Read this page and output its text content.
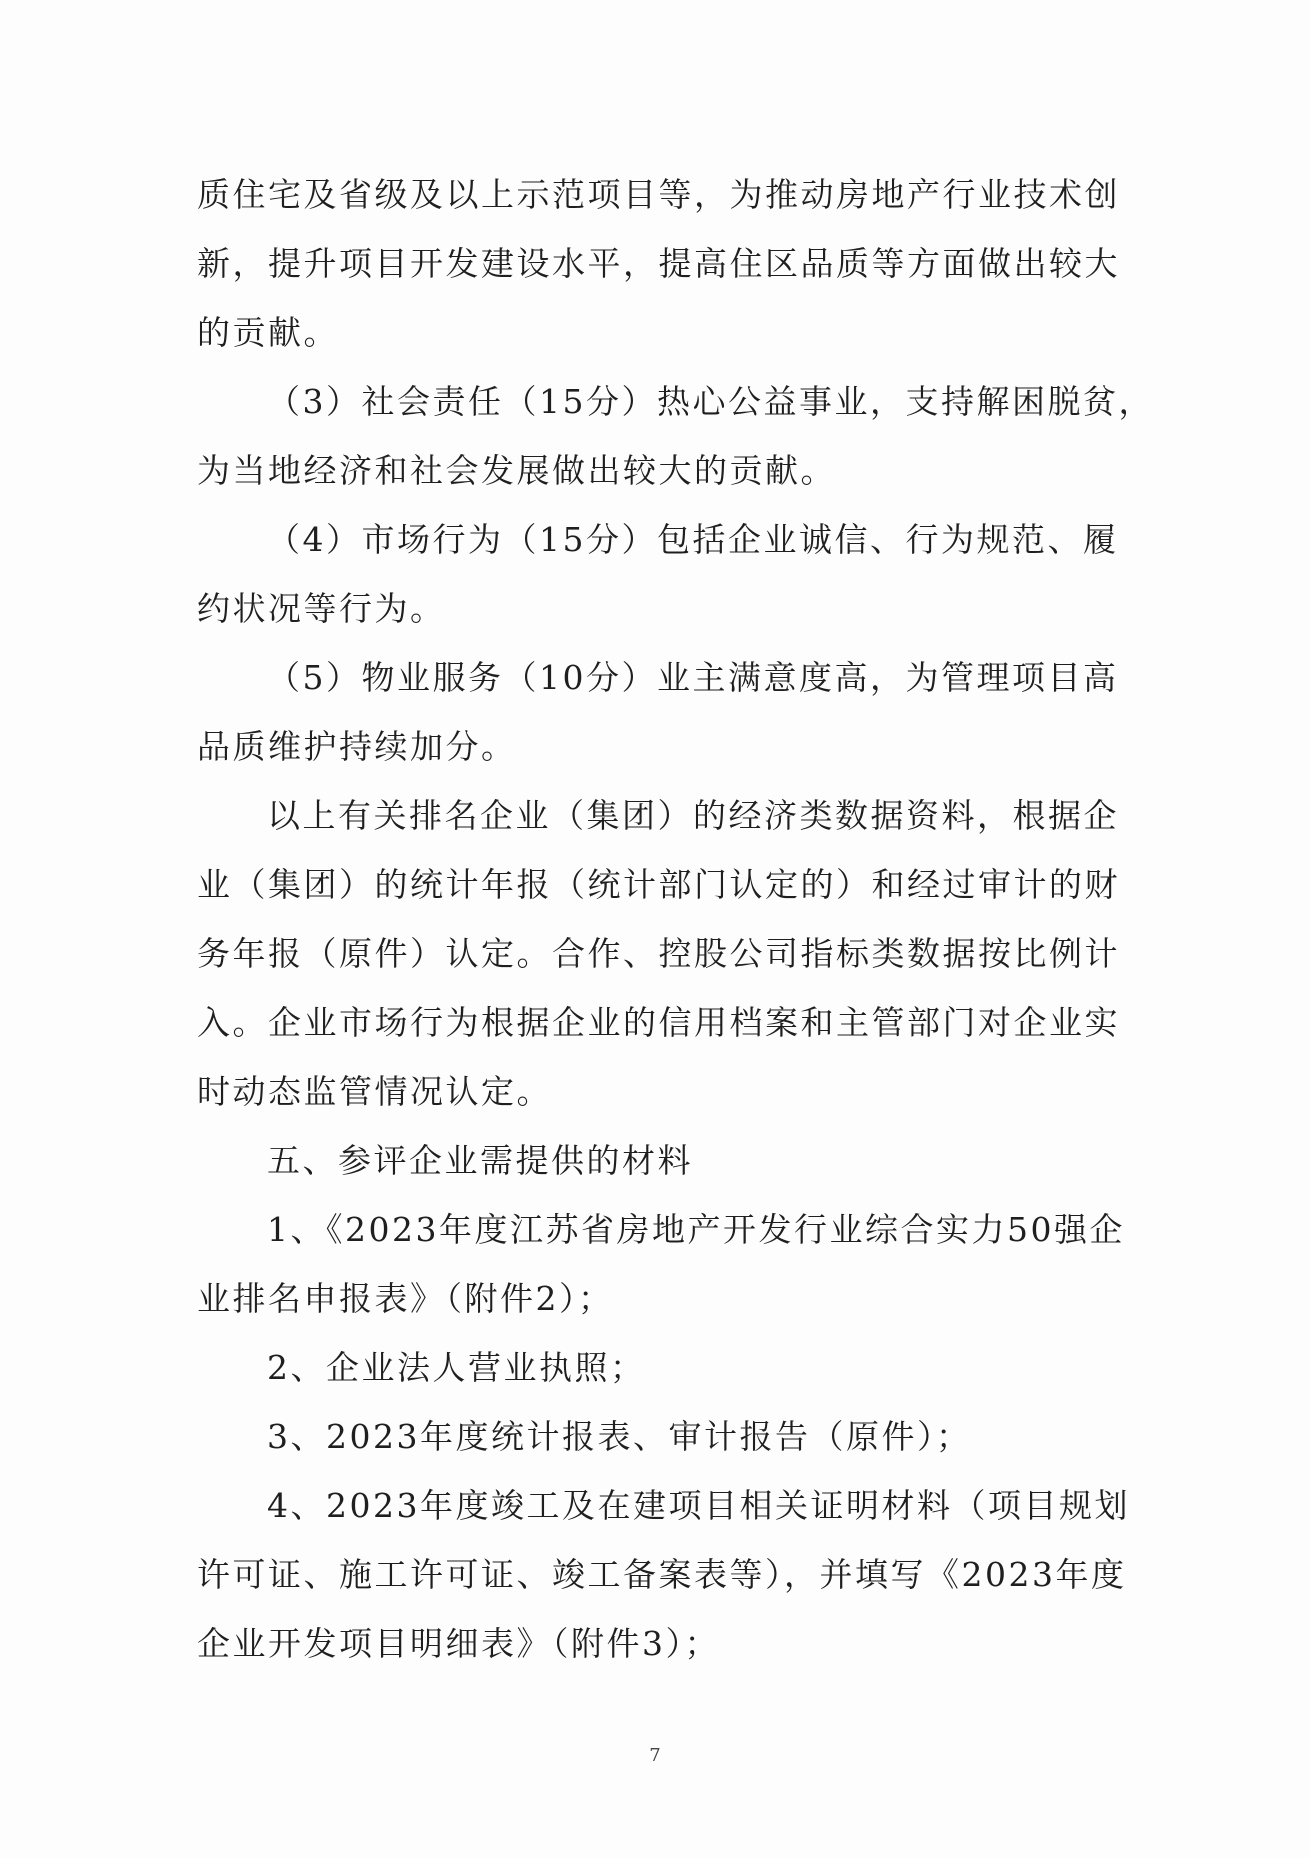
质住宅及省级及以上示范项目等，为推动房地产行业技术创
新，提升项目开发建设水平，提高住区品质等方面做出较大
的贡献。
（3）社会责任（15分）热心公益事业，支持解困脱贫，
为当地经济和社会发展做出较大的贡献。
（4）市场行为（15分）包括企业诚信、行为规范、履
约状况等行为。
（5）物业服务（10分）业主满意度高，为管理项目高
品质维护持续加分。
以上有关排名企业（集团）的经济类数据资料，根据企
业（集团）的统计年报（统计部门认定的）和经过审计的财
务年报（原件）认定。合作、控股公司指标类数据按比例计
入。企业市场行为根据企业的信用档案和主管部门对企业实
时动态监管情况认定。
五、参评企业需提供的材料
1、《2023年度江苏省房地产开发行业综合实力50强企
业排名申报表》（附件2）；
2、企业法人营业执照；
3、2023年度统计报表、审计报告（原件）；
4、2023年度竣工及在建项目相关证明材料（项目规划
许可证、施工许可证、竣工备案表等），并填写《2023年度
企业开发项目明细表》（附件3）；
7
